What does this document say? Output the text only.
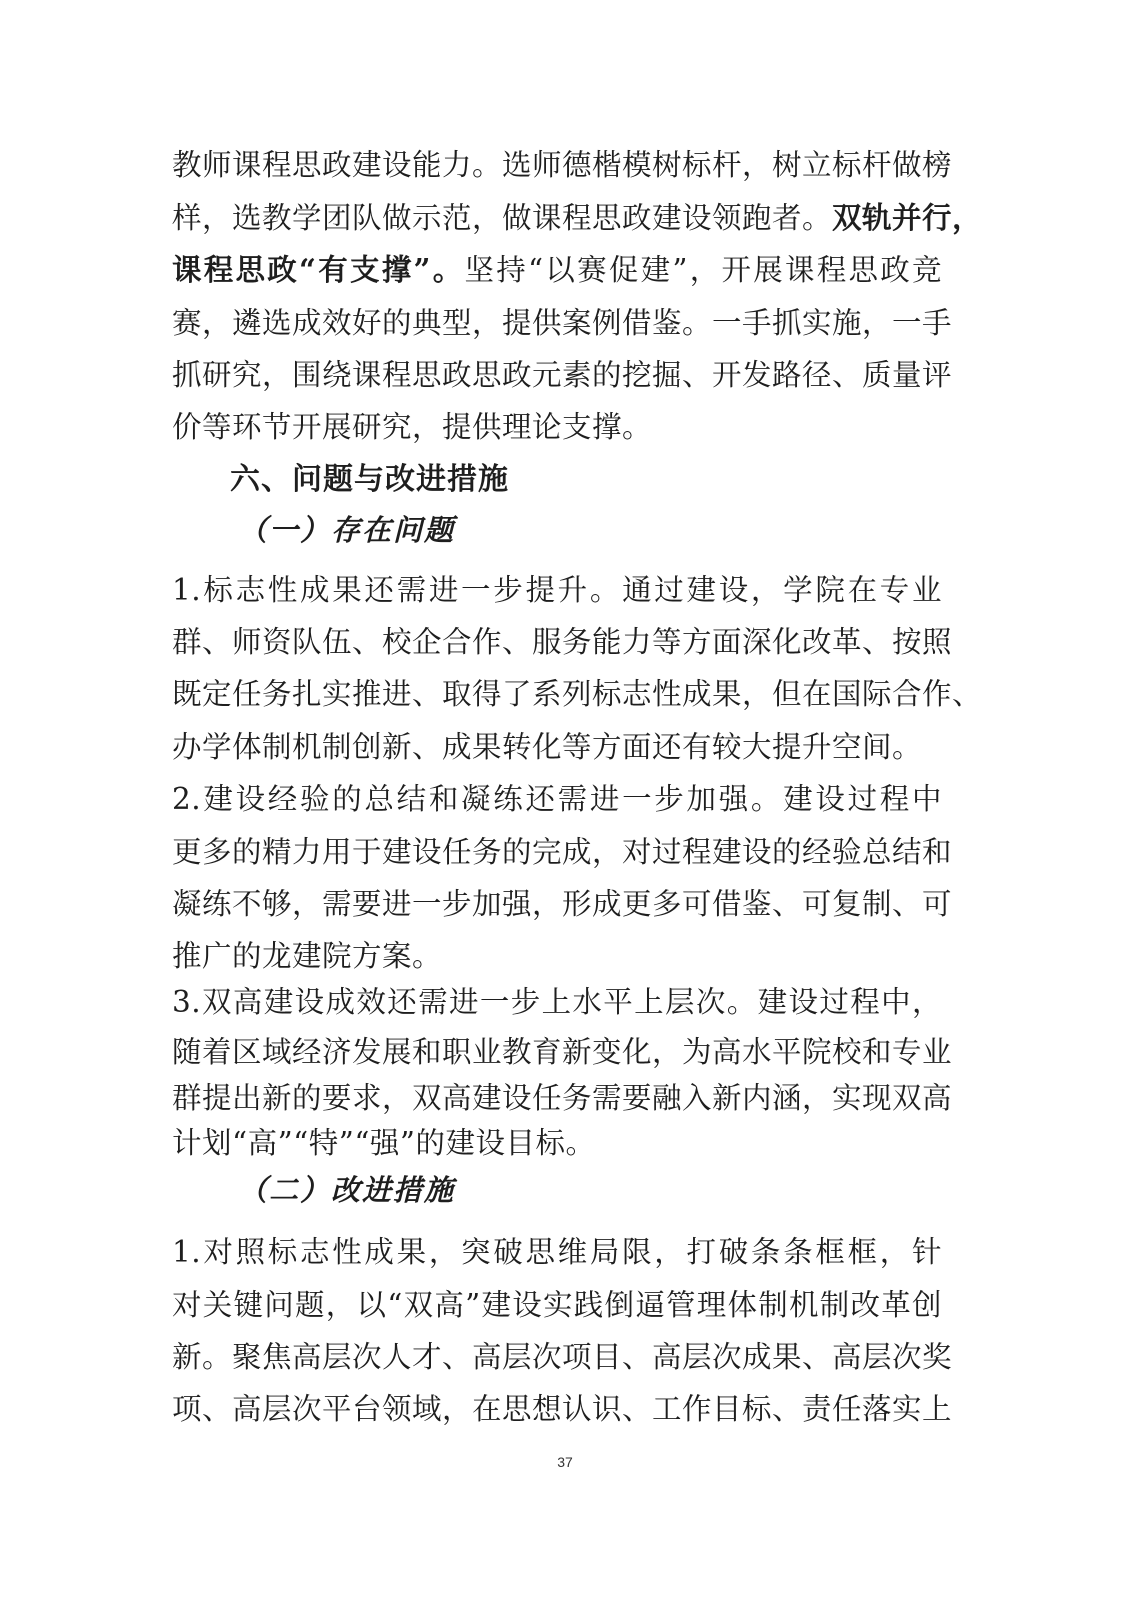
教师课程思政建设能力。选师德楷模树标杆，树立标杆做榜
样，选教学团队做示范，做课程思政建设领跑者。双轨并行，
课程思政“有支撑”。坚持“以赛促建”，开展课程思政竞
赛，遴选成效好的典型，提供案例借鉴。一手抓实施，一手
抓研究，围绕课程思政思政元素的挖掘、开发路径、质量评
价等环节开展研究，提供理论支撑。
六、问题与改进措施
（一）存在问题
1.标志性成果还需进一步提升。通过建设，学院在专业
群、师资队伍、校企合作、服务能力等方面深化改革、按照
既定任务扎实推进、取得了系列标志性成果，但在国际合作、
办学体制机制创新、成果转化等方面还有较大提升空间。
2.建设经验的总结和凝练还需进一步加强。建设过程中
更多的精力用于建设任务的完成，对过程建设的经验总结和
凝练不够，需要进一步加强，形成更多可借鉴、可复制、可
推广的龙建院方案。
3.双高建设成效还需进一步上水平上层次。建设过程中，
随着区域经济发展和职业教育新变化，为高水平院校和专业
群提出新的要求，双高建设任务需要融入新内涵，实现双高
计划“高”“特”“强”的建设目标。
（二）改进措施
1.对照标志性成果，突破思维局限，打破条条框框，针
对关键问题，以“双高”建设实践倒逼管理体制机制改革创
新。聚焦高层次人才、高层次项目、高层次成果、高层次奖
项、高层次平台领域，在思想认识、工作目标、责任落实上
37
